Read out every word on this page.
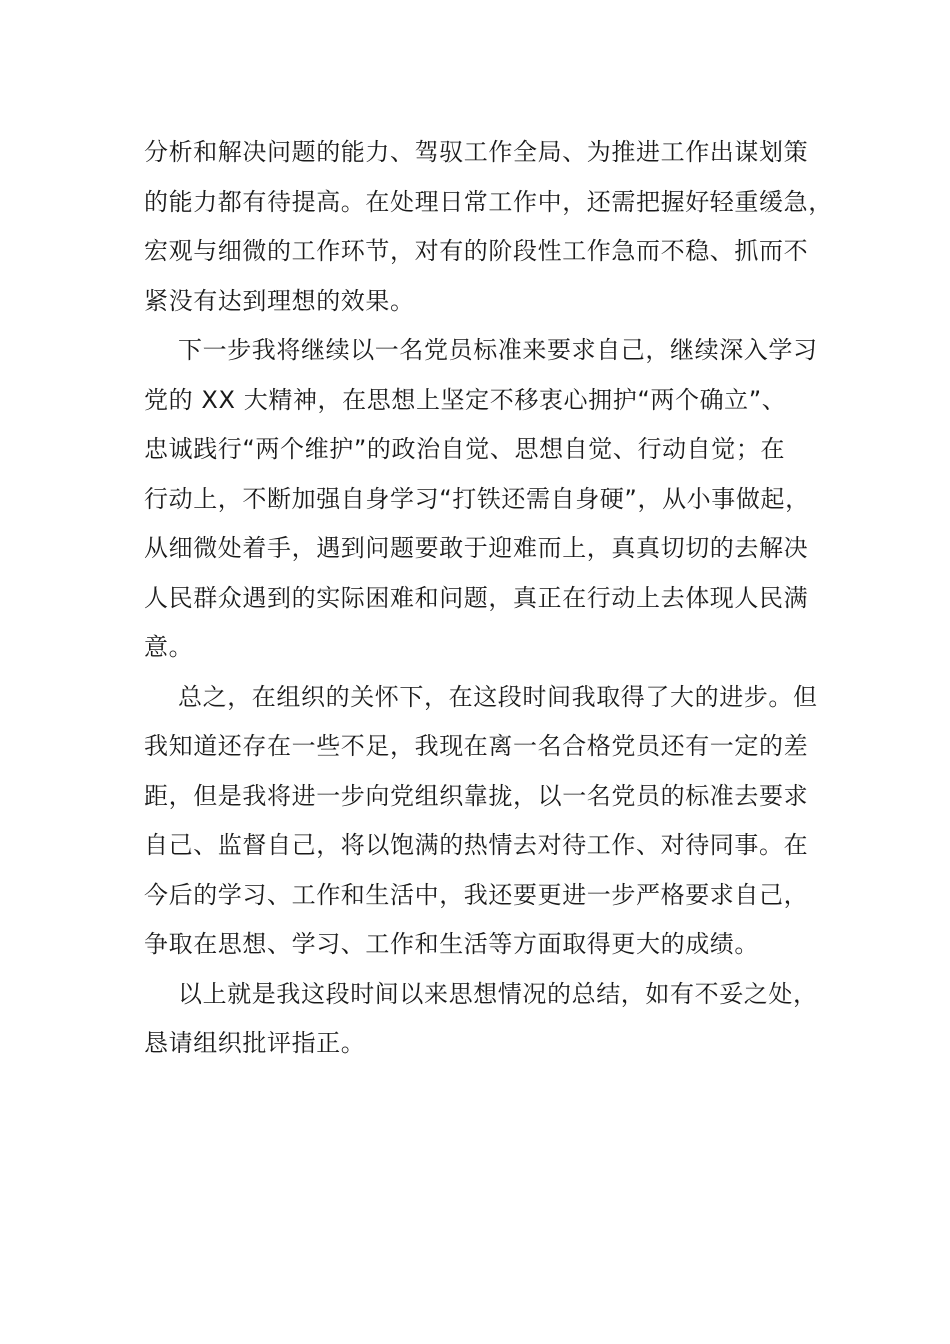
分析和解决问题的能力、驾驭工作全局、为推进工作出谋划策
的能力都有待提高。在处理日常工作中，还需把握好轻重缓急，
宏观与细微的工作环节，对有的阶段性工作急而不稳、抓而不
紧没有达到理想的效果。
下一步我将继续以一名党员标准来要求自己，继续深入学习
党的 XX 大精神，在思想上坚定不移衷心拥护“两个确立”、
忠诚践行“两个维护”的政治自觉、思想自觉、行动自觉；在
行动上，不断加强自身学习“打铁还需自身硬”，从小事做起，
从细微处着手，遇到问题要敢于迎难而上，真真切切的去解决
人民群众遇到的实际困难和问题，真正在行动上去体现人民满
意。
总之，在组织的关怀下，在这段时间我取得了大的进步。但
我知道还存在一些不足，我现在离一名合格党员还有一定的差
距，但是我将进一步向党组织靠拢，以一名党员的标准去要求
自己、监督自己，将以饱满的热情去对待工作、对待同事。在
今后的学习、工作和生活中，我还要更进一步严格要求自己，
争取在思想、学习、工作和生活等方面取得更大的成绩。
以上就是我这段时间以来思想情况的总结，如有不妥之处，
恳请组织批评指正。
